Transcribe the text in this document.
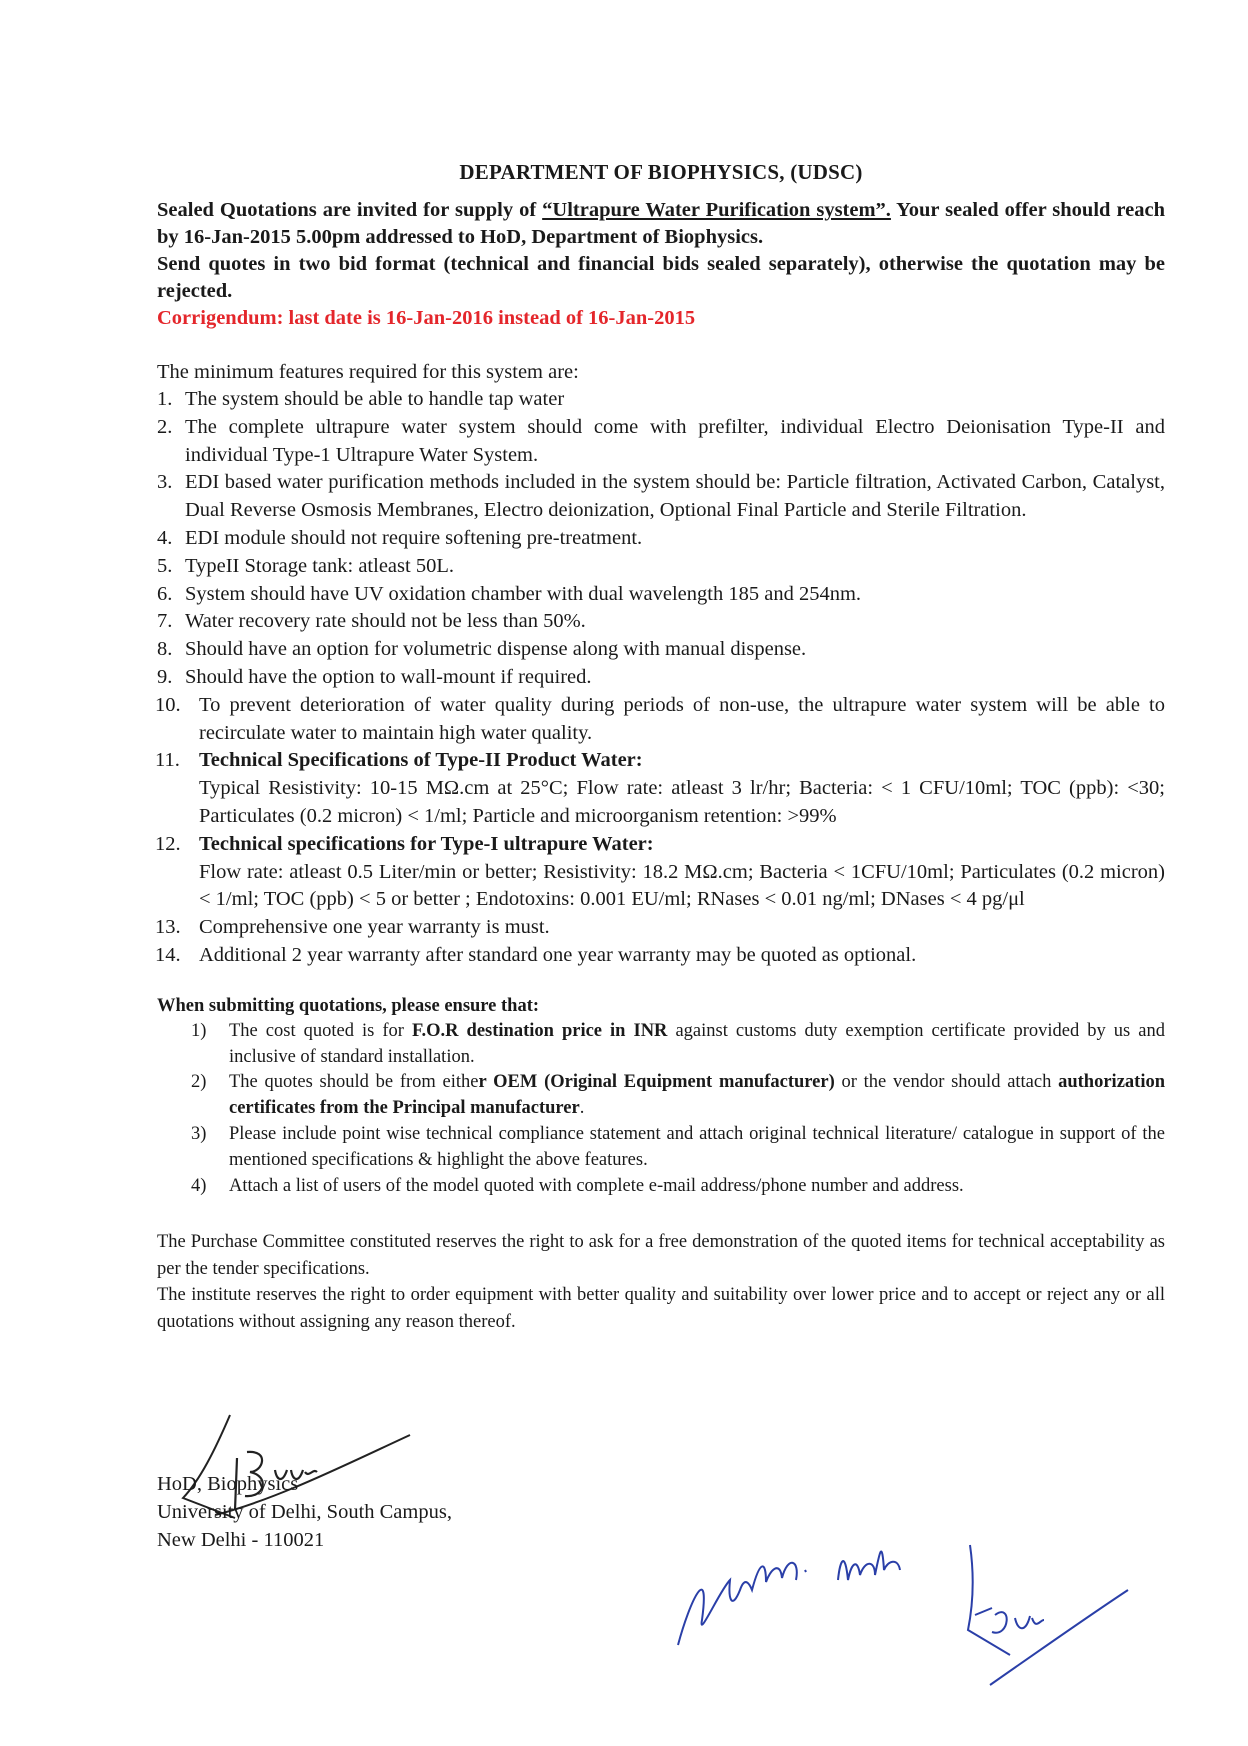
DEPARTMENT OF BIOPHYSICS, (UDSC)

Sealed Quotations are invited for supply of “Ultrapure Water Purification system”. Your sealed offer should reach by 16-Jan-2015 5.00pm addressed to HoD, Department of Biophysics.

Send quotes in two bid format (technical and financial bids sealed separately), otherwise the quotation may be rejected.

Corrigendum: last date is 16-Jan-2016 instead of 16-Jan-2015

The minimum features required for this system are:

1. The system should be able to handle tap water
2. The complete ultrapure water system should come with prefilter, individual Electro Deionisation Type-II and individual Type-1 Ultrapure Water System.
3. EDI based water purification methods included in the system should be: Particle filtration, Activated Carbon, Catalyst, Dual Reverse Osmosis Membranes, Electro deionization, Optional Final Particle and Sterile Filtration.
4. EDI module should not require softening pre-treatment.
5. TypeII Storage tank: atleast 50L.
6. System should have UV oxidation chamber with dual wavelength 185 and 254nm.
7. Water recovery rate should not be less than 50%.
8. Should have an option for volumetric dispense along with manual dispense.
9. Should have the option to wall-mount if required.
10. To prevent deterioration of water quality during periods of non-use, the ultrapure water system will be able to recirculate water to maintain high water quality.
11. Technical Specifications of Type-II Product Water:
Typical Resistivity: 10-15 MΩ.cm at 25°C; Flow rate: atleast 3 lr/hr; Bacteria: < 1 CFU/10ml; TOC (ppb): <30; Particulates (0.2 micron) < 1/ml; Particle and microorganism retention: >99%
12. Technical specifications for Type-I ultrapure Water:
Flow rate: atleast 0.5 Liter/min or better; Resistivity: 18.2 MΩ.cm; Bacteria < 1CFU/10ml; Particulates (0.2 micron) < 1/ml; TOC (ppb) < 5 or better ; Endotoxins: 0.001 EU/ml; RNases < 0.01 ng/ml; DNases < 4 pg/μl
13. Comprehensive one year warranty is must.
14. Additional 2 year warranty after standard one year warranty may be quoted as optional.

When submitting quotations, please ensure that:

1) The cost quoted is for F.O.R destination price in INR against customs duty exemption certificate provided by us and inclusive of standard installation.
2) The quotes should be from either OEM (Original Equipment manufacturer) or the vendor should attach authorization certificates from the Principal manufacturer.
3) Please include point wise technical compliance statement and attach original technical literature/ catalogue in support of the mentioned specifications & highlight the above features.
4) Attach a list of users of the model quoted with complete e-mail address/phone number and address.

The Purchase Committee constituted reserves the right to ask for a free demonstration of the quoted items for technical acceptability as per the tender specifications.

The institute reserves the right to order equipment with better quality and suitability over lower price and to accept or reject any or all quotations without assigning any reason thereof.

HoD, Biophysics
University of Delhi, South Campus,
New Delhi - 110021
